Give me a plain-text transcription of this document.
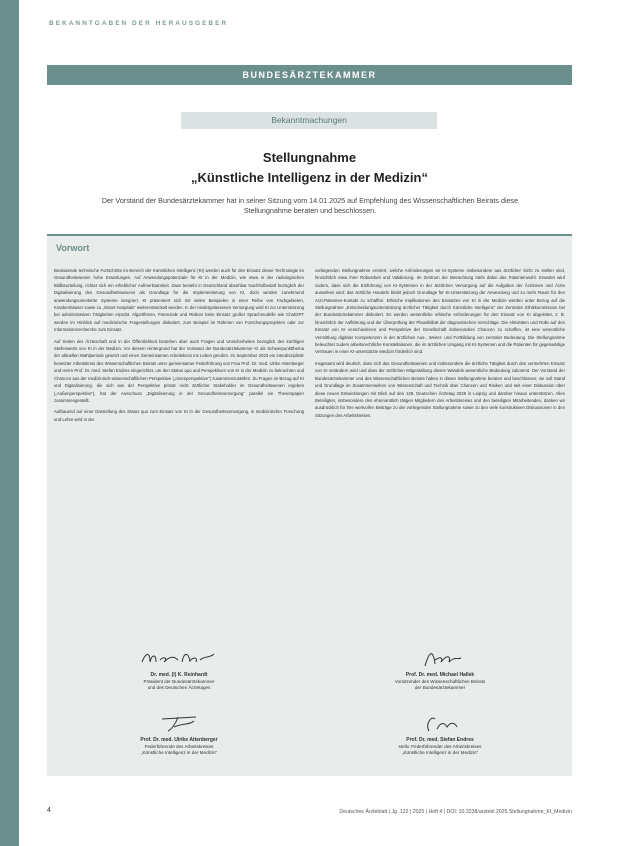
BEKANNTGABEN DER HERAUSGEBER
BUNDESÄRZTEKAMMER
Bekanntmachungen
Stellungnahme
„Künstliche Intelligenz in der Medizin“
Der Vorstand der Bundesärztekammer hat in seiner Sitzung vom 14.01.2025 auf Empfehlung des Wissenschaftlichen Beirats diese Stellungnahme beraten und beschlossen.
Vorwort

Bedeutende technische Fortschritte im Bereich der Künstlichen Intelligenz (KI) werden auch für den Einsatz dieser Technologie im Gesundheitswesen hohe Erwartungen. Auf Anwendungspotenziale für KI in der Medizin, wie etwa in der radiologischen Bildbeurteilung, richtet sich ein erheblicher Aufmerksamkeit. Zwar besteht in Deutschland absehbar Nachholbedarf bezüglich der Digitalisierung des Gesundheitswesens als Grundlage für die Implementierung von KI, doch werden zunehmend anwendungsorientierte Systeme integriert. KI präsentiert sich mit vielen Beispielen in einer Reihe von Fachgebieten, Krankenhäuser sowie zu „Smart Hospitals“ weiterentwickelt werden. In der niedergelassenen Versorgung wird KI zur Unterstützung bei administrativen Tätigkeiten erprobt. Algorithmen, Potenziale und Risiken beim Einsatz großer Sprachmodelle wie ChatGPT werden im Hinblick auf medizinische Fragestellungen diskutiert, zum Beispiel im Rahmen von Forschungsprojekten oder zur Informationsrecherche zum Einsatz.

Auf Seiten der Ärzteschaft und in der Öffentlichkeit bestehen aber auch Fragen und Unsicherheiten bezüglich des künftigen Stellenwerts von KI in der Medizin. Vor diesem Hintergrund hat der Vorstand der Bundesärztekammer KI als Schwerpunktthema der aktuellen Wahlperiode gesetzt und einen Gemeinsamen Arbeitskreis ins Leben gerufen. Im September 2023 ein interdisziplinär besetzter Arbeitskreis des Wissenschaftlichen Beirats unter gemeinsamer Federführung von Frau Prof. Dr. med. Ulrike Attenberger und Herrn Prof. Dr. med. Stefan Endres eingerichtet, um den Status quo und Perspektiven von KI in der Medizin zu beleuchten und Chancen aus der medizinisch-wissenschaftlichen Perspektive („Innenperspektive“) zusammenzustellen. Zu Fragen im Bezug auf KI und Digitalisierung, die sich aus der Perspektive primär nicht ärztlicher Stakeholder im Gesundheitswesen ergeben („Außenperspektive“), hat der Ausschuss „Digitalisierung in der Gesundheitsversorgung“ parallel ein Thesenpapier zusammengestellt.

Aufbauend auf einer Darstellung des Status quo zum Einsatz von KI in der Gesundheitsversorgung, in medizinischer Forschung und Lehre wird in der

vorliegenden Stellungnahme erörtert, welche Anforderungen an KI-Systeme insbesondere aus ärztlicher Sicht zu stellen sind, hinsichtlich etwa ihrer Robustheit und Validierung. Im Zentrum der Betrachtung steht dabei das Patientenwohl. Erwartet wird zudem, dass sich die Einführung von KI-Systemen in der ärztlichen Versorgung auf die Aufgaben der Ärztinnen und Ärzte auswirken wird; das ärztliche Handeln bleibt jedoch Grundlage für KI-Unterstützung der Anwendung und zu mehr Raum für den Arzt-Patienten-Kontakt zu schaffen. Ethische Implikationen des Einsatzes von KI in der Medizin werden unter Bezug auf die Stellungnahme „Entscheidungsunterstützung ärztlicher Tätigkeit durch Künstliche Intelligenz“ der Zentralen Ethikkommission bei der Bundesärztekammer diskutiert. Es werden wesentliche ethische Anforderungen für den Einsatz von KI abgeleitet, z. B. hinsichtlich der Aufklärung und der Überprüfung der Plausibilität der diagnostischen Vorschläge. Die Aktivitäten und Rolle auf den Einsatz von KI verschiedenen und Perspektive der Gesellschaft insbesondere Chancen zu schaffen, ist eine wesentliche Vermittlung digitaler Kompetenzen in der ärztlichen Aus-, Weiter- und Fortbildung von zentraler Bedeutung. Die Stellungnahme beleuchtet zudem arbeitsrechtliche Konstellationen, die im ärztlichen Umgang mit KI-Systemen und die Patienten für gegenwärtige Vertrauen in einer KI-unterstützte Medizin förderlich sind.

Insgesamt wird deutlich, dass sich das Gesundheitswesen und insbesondere die ärztliche Tätigkeit durch den vermehrten Einsatz von KI verändern wird und dass der ärztlichen Mitgestaltung dieses Wandels wesentliche Bedeutung zukommt. Der Vorstand der Bundesärztekammer und des Wissenschaftlichen Beirats haben in dieser Stellungnahme beraten und beschlossen; sie soll Stand und Grundlage im Zusammenwirken von Wissenschaft und Technik über Chancen und Risiken und seit einer Diskussion über diese neuen Entwicklungen mit Blick auf den 129. Deutschen Ärztetag 2025 in Leipzig und darüber hinaus unterstützen. Allen Beteiligten, insbesondere den ehrenamtlich tätigen Mitgliedern des Arbeitskreises und den beteiligten Mitarbeitenden, danken wir ausdrücklich für ihre wertvollen Beiträge zu der vorliegenden Stellungnahme sowie zu den viele konstruktiven Diskussionen in den Sitzungen des Arbeitskreises.

Dr. med. (I) K. Reinhardt
Präsident der Bundesärztekammer
und des Deutschen Ärztetages
Prof. Dr. med. Michael Hallek
Vorsitzender des Wissenschaftlichen Beirats
der Bundesärztekammer
Prof. Dr. med. Ulrike Attenberger
Federführende des Arbeitskreises
„Künstliche Intelligenz in der Medizin“
Prof. Dr. med. Stefan Endres
stellv. Federführender des Arbeitskreises
„Künstliche Intelligenz in der Medizin“
4	Deutsches Ärzteblatt | Jg. 122 | 2025 | Heft 4 | DOI: 10.3238/arztebl.2025.Stellungnahme_KI_Medizin
